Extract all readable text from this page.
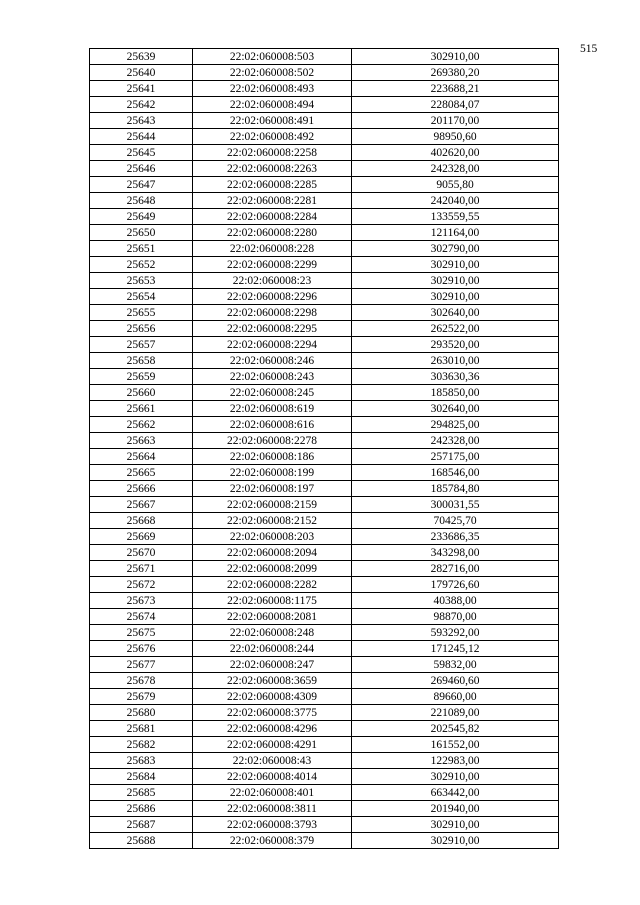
515
25639	22:02:060008:503	302910,00
25640	22:02:060008:502	269380,20
25641	22:02:060008:493	223688,21
25642	22:02:060008:494	228084,07
25643	22:02:060008:491	201170,00
25644	22:02:060008:492	98950,60
25645	22:02:060008:2258	402620,00
25646	22:02:060008:2263	242328,00
25647	22:02:060008:2285	9055,80
25648	22:02:060008:2281	242040,00
25649	22:02:060008:2284	133559,55
25650	22:02:060008:2280	121164,00
25651	22:02:060008:228	302790,00
25652	22:02:060008:2299	302910,00
25653	22:02:060008:23	302910,00
25654	22:02:060008:2296	302910,00
25655	22:02:060008:2298	302640,00
25656	22:02:060008:2295	262522,00
25657	22:02:060008:2294	293520,00
25658	22:02:060008:246	263010,00
25659	22:02:060008:243	303630,36
25660	22:02:060008:245	185850,00
25661	22:02:060008:619	302640,00
25662	22:02:060008:616	294825,00
25663	22:02:060008:2278	242328,00
25664	22:02:060008:186	257175,00
25665	22:02:060008:199	168546,00
25666	22:02:060008:197	185784,80
25667	22:02:060008:2159	300031,55
25668	22:02:060008:2152	70425,70
25669	22:02:060008:203	233686,35
25670	22:02:060008:2094	343298,00
25671	22:02:060008:2099	282716,00
25672	22:02:060008:2282	179726,60
25673	22:02:060008:1175	40388,00
25674	22:02:060008:2081	98870,00
25675	22:02:060008:248	593292,00
25676	22:02:060008:244	171245,12
25677	22:02:060008:247	59832,00
25678	22:02:060008:3659	269460,60
25679	22:02:060008:4309	89660,00
25680	22:02:060008:3775	221089,00
25681	22:02:060008:4296	202545,82
25682	22:02:060008:4291	161552,00
25683	22:02:060008:43	122983,00
25684	22:02:060008:4014	302910,00
25685	22:02:060008:401	663442,00
25686	22:02:060008:3811	201940,00
25687	22:02:060008:3793	302910,00
25688	22:02:060008:379	302910,00
